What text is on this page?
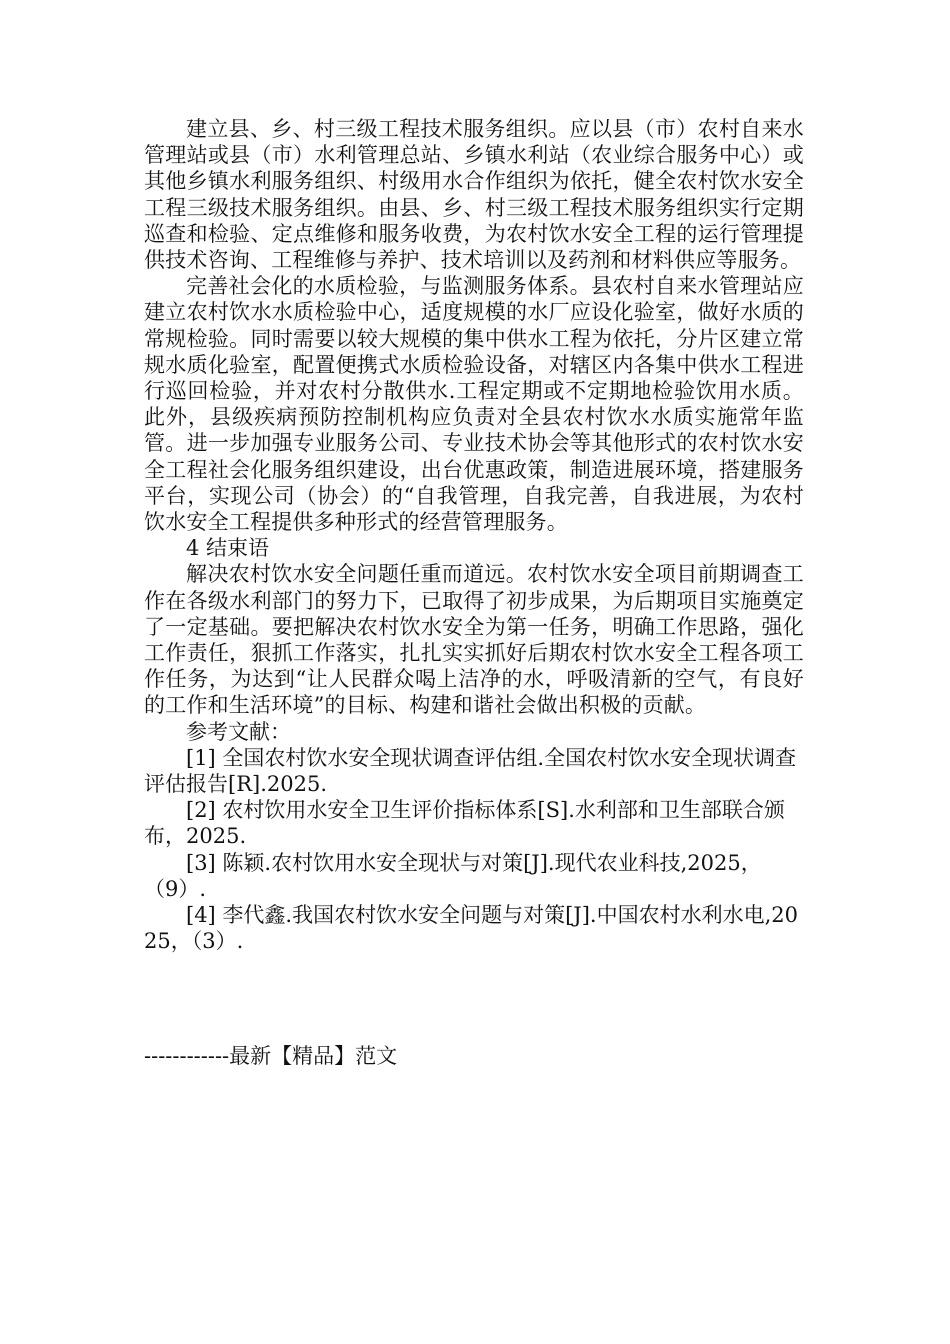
建立县、乡、村三级工程技术服务组织。应以县（市）农村自来水管理站或县（市）水利管理总站、乡镇水利站（农业综合服务中心）或其他乡镇水利服务组织、村级用水合作组织为依托，健全农村饮水安全工程三级技术服务组织。由县、乡、村三级工程技术服务组织实行定期巡查和检验、定点维修和服务收费，为农村饮水安全工程的运行管理提供技术咨询、工程维修与养护、技术培训以及药剂和材料供应等服务。

完善社会化的水质检验，与监测服务体系。县农村自来水管理站应建立农村饮水水质检验中心，适度规模的水厂应设化验室，做好水质的常规检验。同时需要以较大规模的集中供水工程为依托，分片区建立常规水质化验室，配置便携式水质检验设备，对辖区内各集中供水工程进行巡回检验，并对农村分散供水.工程定期或不定期地检验饮用水质。此外，县级疾病预防控制机构应负责对全县农村饮水水质实施常年监管。进一步加强专业服务公司、专业技术协会等其他形式的农村饮水安全工程社会化服务组织建设，出台优惠政策，制造进展环境，搭建服务平台，实现公司（协会）的“自我管理，自我完善，自我进展，为农村饮水安全工程提供多种形式的经营管理服务。

4 结束语

解决农村饮水安全问题任重而道远。农村饮水安全项目前期调查工作在各级水利部门的努力下，已取得了初步成果，为后期项目实施奠定了一定基础。要把解决农村饮水安全为第一任务，明确工作思路，强化工作责任，狠抓工作落实，扎扎实实抓好后期农村饮水安全工程各项工作任务，为达到“让人民群众喝上洁净的水，呼吸清新的空气，有良好的工作和生活环境”的目标、构建和谐社会做出积极的贡献。

参考文献：

[1] 全国农村饮水安全现状调查评估组.全国农村饮水安全现状调查评估报告[R].2025.

[2] 农村饮用水安全卫生评价指标体系[S].水利部和卫生部联合颁布，2025.

[3] 陈颖.农村饮用水安全现状与对策[J].现代农业科技,2025，（9）.

[4] 李代鑫.我国农村饮水安全问题与对策[J].中国农村水利水电,2025，（3）.

------------最新【精品】范文
